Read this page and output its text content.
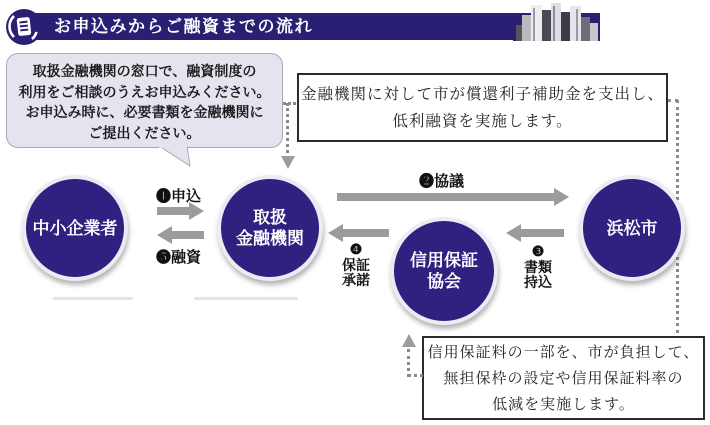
お申込みからご融資までの流れ
取扱金融機関の窓口で、融資制度の
利用をご相談のうえお申込みください。
お申込み時に、必要書類を金融機関に
ご提出ください。
金融機関に対して市が償還利子補助金を支出し、
低利融資を実施します。
信用保証料の一部を、市が負担して、
無担保枠の設定や信用保証料率の
低減を実施します。
中小企業者
取扱
金融機関
信用保証
協会
浜松市
❶申込
❺融資
❷協議
❸
書類
持込
❹
保証
承諾
